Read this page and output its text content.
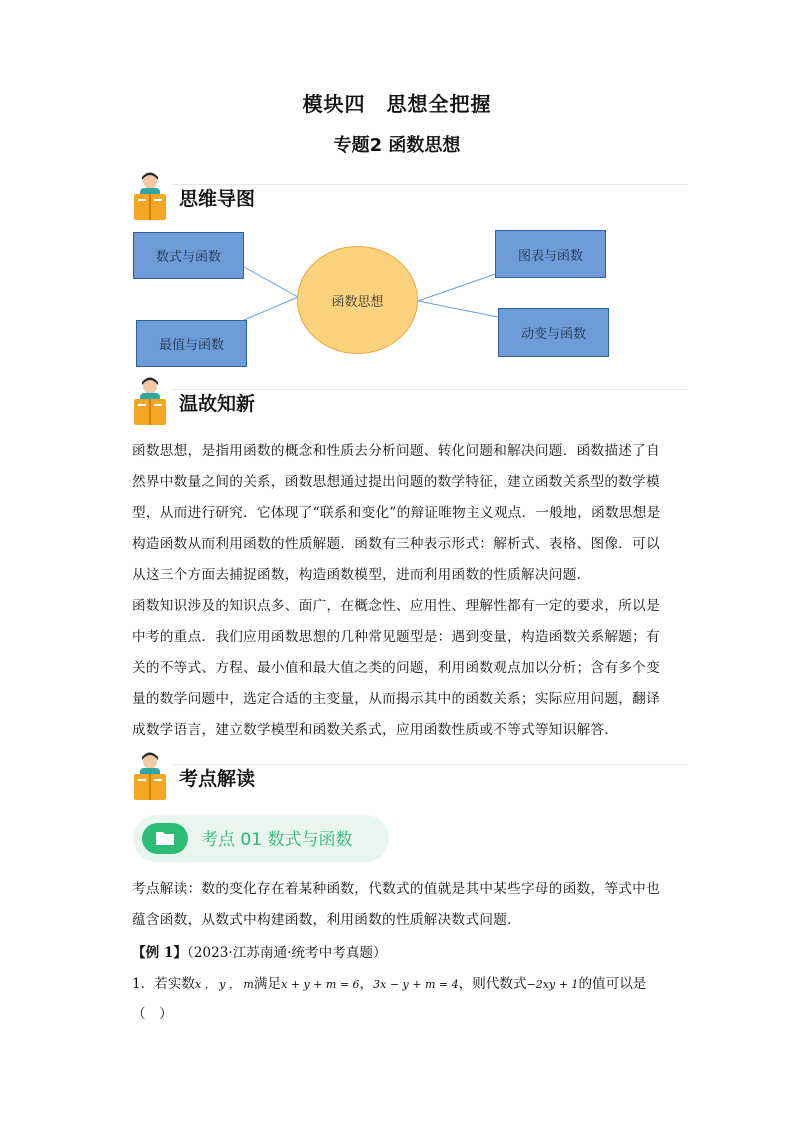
模块四　思想全把握
专题2 函数思想
思维导图
数式与函数
最值与函数
函数思想
图表与函数
动变与函数
温故知新
函数思想，是指用函数的概念和性质去分析问题、转化问题和解决问题．函数描述了自
然界中数量之间的关系，函数思想通过提出问题的数学特征，建立函数关系型的数学模
型，从而进行研究．它体现了“联系和变化”的辩证唯物主义观点．一般地，函数思想是
构造函数从而利用函数的性质解题．函数有三种表示形式：解析式、表格、图像．可以
从这三个方面去捕捉函数，构造函数模型，进而利用函数的性质解决问题．
函数知识涉及的知识点多、面广，在概念性、应用性、理解性都有一定的要求，所以是
中考的重点．我们应用函数思想的几种常见题型是：遇到变量，构造函数关系解题；有
关的不等式、方程、最小值和最大值之类的问题，利用函数观点加以分析；含有多个变
量的数学问题中，选定合适的主变量，从而揭示其中的函数关系；实际应用问题，翻译
成数学语言，建立数学模型和函数关系式，应用函数性质或不等式等知识解答．
考点解读
考点 01 数式与函数
考点解读：数的变化存在着某种函数，代数式的值就是其中某些字母的函数，等式中也
蕴含函数，从数式中构建函数，利用函数的性质解决数式问题．
【例 1】（2023·江苏南通·统考中考真题）
1．若实数x ， y ， m满足x + y + m = 6，3x − y + m = 4，则代数式−2xy + 1的值可以是
（　）
